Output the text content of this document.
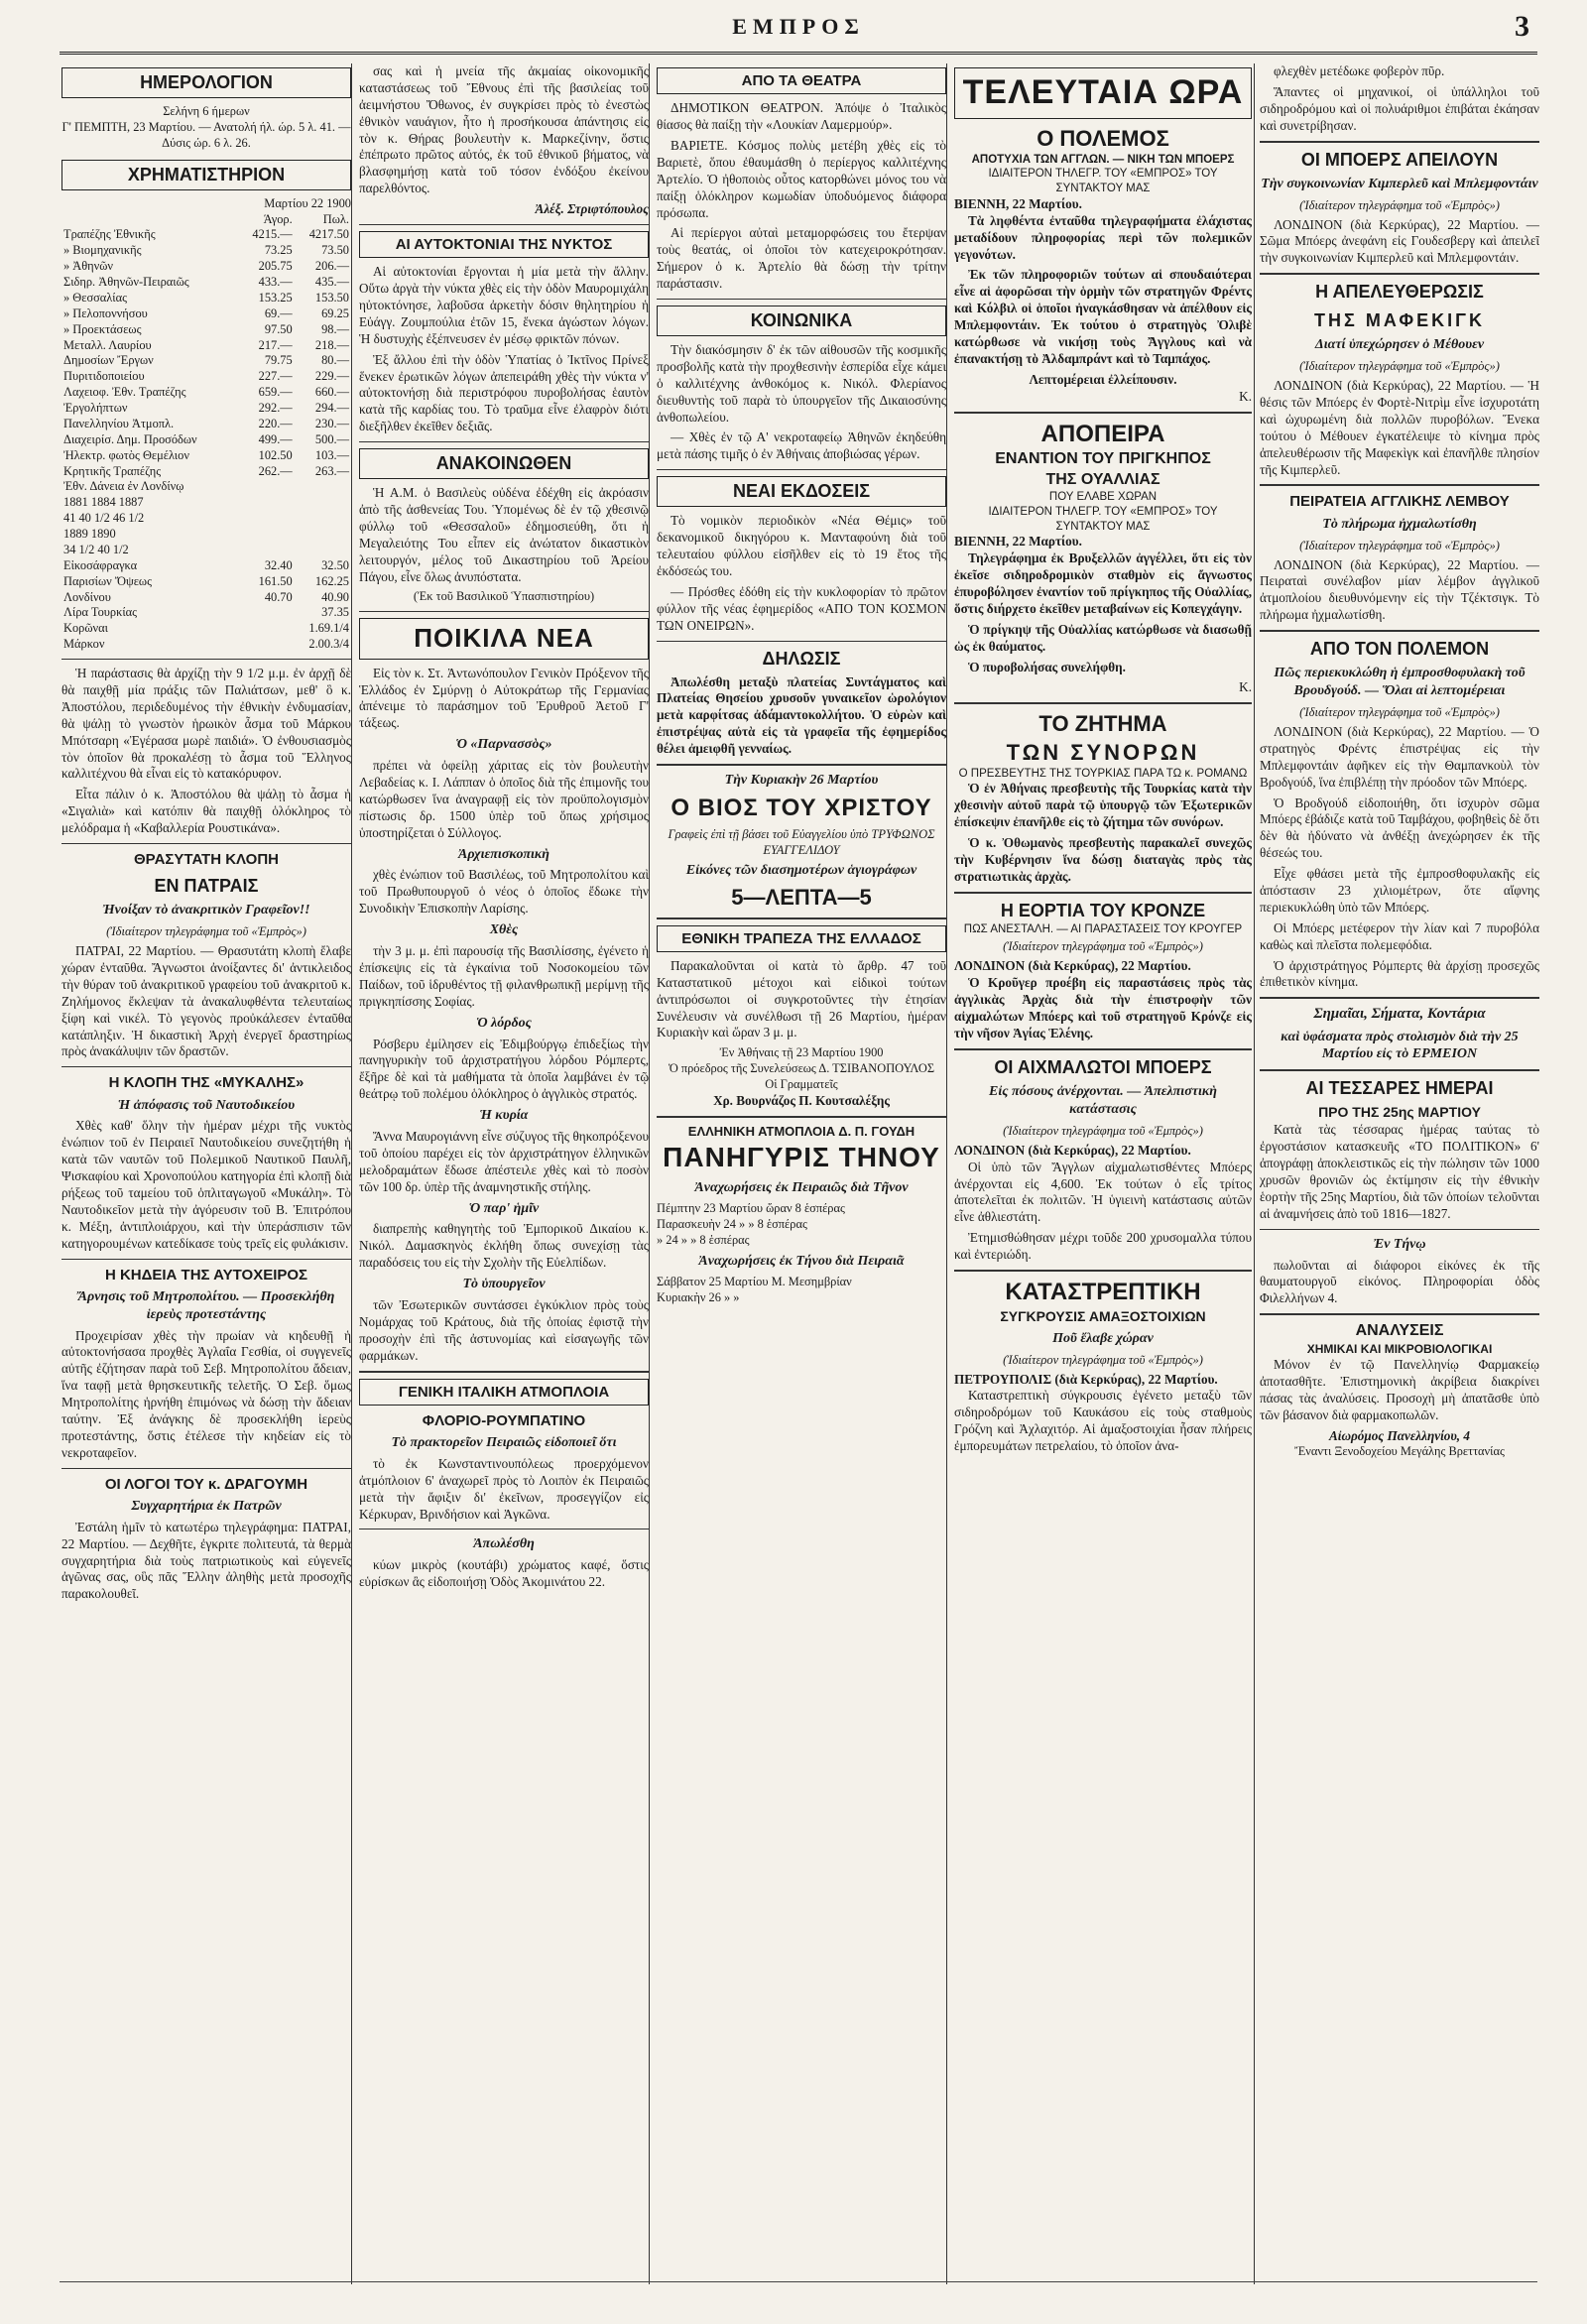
ΕΜΠΡΟΣ	3
ΗΜΕΡΟΛΟΓΙΟΝ
Σελήνη 6 ήμερων
Γ' ΠΕΜΠΤΗ, 23 Μαρτίου. — Ανατολή ήλ. ώρ. 5 λ. 41. — Δύσις ώρ. 6 λ. 26.
ΧΡΗΜΑΤΙΣΤΗΡΙΟΝ
Μαρτίου 22 1900
	Άγορ.	Πωλ.
Τραπέζης Ἐθνικῆς	4215.—	4217.50
» Βιομηχανικῆς	73.25	73.50
» Ἀθηνῶν	205.75	206.—
Σιδηρ. Ἀθηνῶν-Πειραιῶς	433.—	435.—
» Θεσσαλίας	153.25	153.50
» Πελοποννήσου	69.—	69.25
» Προεκτάσεως	97.50	98.—
Μεταλλ. Λαυρίου	217.—	218.—
Δημοσίων Ἔργων	79.75	80.—
Πυριτιδοποιείου	227.—	229.—
Λαχειοφ. Ἐθν. Τραπέζης	659.—	660.—
Ἐργολήπτων	292.—	294.—
Πανελληνίου Ἀτμοπλ.	220.—	230.—
Διαχειρίσ. Δημ. Προσόδων	499.—	500.—
Ἠλεκτρ. φωτὸς Θεμέλιον	102.50	103.—
Κρητικῆς Τραπέζης	262.—	263.—
Ἐθν. Δάνεια ἐν Λονδίνῳ		
1881 1884 1887		
41 40 1/2 46 1/2		
1889 1890		
34 1/2 40 1/2		
Εἰκοσάφραγκα	32.40	32.50
Παρισίων Ὄψεως	161.50	162.25
Λονδίνου	40.70	40.90
Λίρα Τουρκίας		37.35
Κορῶναι		1.69.1/4
Μάρκον		2.00.3/4

Ἡ παράστασις θὰ ἀρχίζῃ τὴν 9 1/2 μ.μ. ἐν ἀρχῇ δὲ θὰ παιχθῇ μία πράξις τῶν Παλιάτσων, μεθ' ὃ κ. Ἀποστόλου, περιδεδυμένος τὴν ἐθνικὴν ἐνδυμασίαν, θὰ ψάλῃ τὸ γνωστὸν ἡρωικὸν ἆσμα τοῦ Μάρκου Μπότσαρη «Ἐγέρασα μωρὲ παιδιά». Ὁ ἐνθουσιασμὸς τὸν ὁποῖον θὰ προκαλέσῃ τὸ ἆσμα τοῦ Ἕλληνος καλλιτέχνου θὰ εἶναι εἰς τὸ κατακόρυφον.

Εἶτα πάλιν ὁ κ. Ἀποστόλου θὰ ψάλῃ τὸ ἆσμα ἡ «Σιγαλιὰ» καὶ κατόπιν θὰ παιχθῇ ὁλόκληρος τὸ μελόδραμα ἡ «Καβαλλερία Ρουστικάνα».

ΘΡΑΣΥΤΑΤΗ ΚΛΟΠΗ
ΕΝ ΠΑΤΡΑΙΣ
Ἠνοίξαν τὸ ἀνακριτικὸν Γραφεῖον!!
(Ἰδιαίτερον τηλεγράφημα τοῦ «Ἐμπρὸς»)

ΠΑΤΡΑΙ, 22 Μαρτίου. — Θρασυτάτη κλοπὴ ἔλαβε χώραν ἐνταῦθα. Ἄγνωστοι ἀνοίξαντες δι' ἀντικλειδος τὴν θύραν τοῦ ἀνακριτικοῦ γραφείου τοῦ ἀνακριτοῦ κ. Ζηλήμονος ἔκλεψαν τὰ ἀνακαλυφθέντα τελευταίως ξίφη καὶ νικέλ. Τὸ γεγονὸς προὐκάλεσεν ἐνταῦθα κατάπληξιν. Ἡ δικαστικὴ Ἀρχὴ ἐνεργεῖ δραστηρίως πρὸς ἀνακάλυψιν τῶν δραστῶν.

Η ΚΛΟΠΗ ΤΗΣ «ΜΥΚΑΛΗΣ»
Ἡ ἀπόφασις τοῦ Ναυτοδικείου

Χθὲς καθ' ὅλην τὴν ἡμέραν μέχρι τῆς νυκτὸς ἐνώπιον τοῦ ἐν Πειραιεῖ Ναυτοδικείου συνεζητήθη ἡ κατὰ τῶν ναυτῶν τοῦ Πολεμικοῦ Ναυτικοῦ Παυλῆ, Ψισκαφίου καὶ Χρονοπούλου κατηγορία ἐπὶ κλοπῇ διὰ ρήξεως τοῦ ταμείου τοῦ ὁπλιταγωγοῦ «Μυκάλη». Τὸ Ναυτοδικεῖον μετὰ τὴν ἀγόρευσιν τοῦ Β. Ἐπιτρόπου κ. Μέξη, ἀντιπλοιάρχου, καὶ τὴν ὑπεράσπισιν τῶν κατηγορουμένων κατεδίκασε τοὺς τρεῖς εἰς φυλάκισιν.

Η ΚΗΔΕΙΑ ΤΗΣ ΑΥΤΟΧΕΙΡΟΣ
Ἄρνησις τοῦ Μητροπολίτου. — Προσεκλήθη ἱερεὺς προτεστάντης

Προχειρίσαν χθὲς τὴν πρωίαν νὰ κηδευθῇ ἡ αὐτοκτονήσασα προχθὲς Ἀγλαΐα Γεσθία, οἱ συγγενεῖς αὐτῆς ἐζήτησαν παρὰ τοῦ Σεβ. Μητροπολίτου ἄδειαν, ἵνα ταφῇ μετὰ θρησκευτικῆς τελετῆς. Ὁ Σεβ. ὅμως Μητροπολίτης ἠρνήθη ἐπιμόνως νὰ δώσῃ τὴν ἄδειαν ταύτην. Ἐξ ἀνάγκης δὲ προσεκλήθη ἱερεὺς προτεστάντης, ὅστις ἐτέλεσε τὴν κηδείαν εἰς τὸ νεκροταφεῖον.

ΟΙ ΛΟΓΟΙ ΤΟΥ κ. ΔΡΑΓΟΥΜΗ
Συγχαρητήρια ἐκ Πατρῶν

Ἐστάλη ἡμῖν τὸ κατωτέρω τηλεγράφημα: ΠΑΤΡΑΙ, 22 Μαρτίου. — Δεχθῆτε, ἐγκριτε πολιτευτά, τὰ θερμὰ συγχαρητήρια διὰ τοὺς πατριωτικοὺς καὶ εὐγενεῖς ἀγῶνας σας, οὓς πᾶς Ἕλλην ἀληθὴς μετὰ προσοχῆς παρακολουθεῖ.

σας καὶ ἡ μνεία τῆς ἀκμαίας οἰκονομικῆς καταστάσεως τοῦ Ἔθνους ἐπὶ τῆς βασιλείας τοῦ ἀειμνήστου Ὄθωνος, ἐν συγκρίσει πρὸς τὸ ἐνεστὼς ἐθνικὸν ναυάγιον, ἦτο ἡ προσήκουσα ἀπάντησις εἰς τὸν κ. Θήρας βουλευτὴν κ. Μαρκεζίνην, ὅστις ἐπέπρωτο πρῶτος αὐτός, ἐκ τοῦ ἐθνικοῦ βήματος, νὰ βλασφημήσῃ κατὰ τοῦ τόσον ἐνδόξου ἐκείνου παρελθόντος.

Ἀλέξ. Στριφτόπουλος
ΑΙ ΑΥΤΟΚΤΟΝΙΑΙ ΤΗΣ ΝΥΚΤΟΣ

Αἱ αὐτοκτονίαι ἔργονται ἡ μία μετὰ τὴν ἄλλην. Οὕτω ἀργὰ τὴν νύκτα χθὲς εἰς τὴν ὁδὸν Μαυρομιχάλη ηὐτοκτόνησε, λαβοῦσα ἀρκετὴν δόσιν θηλητηρίου ἡ Εὐάγγ. Ζουμπούλια ἐτῶν 15, ἕνεκα ἀγώστων λόγων. Ἡ δυστυχὴς ἐξέπνευσεν ἐν μέσῳ φρικτῶν πόνων.

Ἐξ ἄλλου ἐπὶ τὴν ὁδὸν Ὑπατίας ὁ Ἰκτῖνος Πρίνεξ ἕνεκεν ἐρωτικῶν λόγων ἀπεπειράθη χθὲς τὴν νύκτα ν' αὐτοκτονήσῃ διὰ περιστρόφου πυροβολήσας ἑαυτὸν κατὰ τῆς καρδίας του. Τὸ τραῦμα εἶνε ἐλαφρὸν διότι διεξῆλθεν ἐκεῖθεν δεξιᾶς.

ΑΝΑΚΟΙΝΩΘΕΝ

Ἡ Α.Μ. ὁ Βασιλεὺς οὐδένα ἐδέχθη εἰς ἀκρόασιν ἀπὸ τῆς ἀσθενείας Του. Ὑπομένως δὲ ἐν τῷ χθεσινῷ φύλλῳ τοῦ «Θεσσαλοῦ» ἐδημοσιεύθη, ὅτι ἡ Μεγαλειότης Του εἶπεν εἰς ἀνώτατον δικαστικὸν λειτουργόν, μέλος τοῦ Δικαστηρίου τοῦ Ἀρείου Πάγου, εἶνε ὅλως ἀνυπόστατα.

(Ἐκ τοῦ Βασιλικοῦ Ὑπασπιστηρίου)
ΠΟΙΚΙΛΑ ΝΕΑ

Εἰς τὸν κ. Στ. Ἀντωνόπουλον Γενικὸν Πρόξενον τῆς Ἑλλάδος ἐν Σμύρνῃ ὁ Αὐτοκράτωρ τῆς Γερμανίας ἀπένειμε τὸ παράσημον τοῦ Ἐρυθροῦ Ἀετοῦ Γ' τάξεως.

Ὁ «Παρνασσὸς»

πρέπει νὰ ὀφείλῃ χάριτας εἰς τὸν βουλευτὴν Λεβαδείας κ. Ι. Λάππαν ὁ ὁποῖος διὰ τῆς ἐπιμονῆς του κατώρθωσεν ἵνα ἀναγραφῇ εἰς τὸν προϋπολογισμὸν πίστωσις δρ. 1500 ὑπὲρ τοῦ ὅπως χρήσιμος ὑποστηρίζεται ὁ Σύλλογος.

Ἀρχιεπισκοπικὴ

χθὲς ἐνώπιον τοῦ Βασιλέως, τοῦ Μητροπολίτου καὶ τοῦ Πρωθυπουργοῦ ὁ νέος ὁ ὁποῖος ἔδωκε τὴν Συνοδικὴν Ἐπισκοπὴν Λαρίσης.

Χθὲς

τὴν 3 μ. μ. ἐπὶ παρουσίᾳ τῆς Βασιλίσσης, ἐγένετο ἡ ἐπίσκεψις εἰς τὰ ἐγκαίνια τοῦ Νοσοκομείου τῶν Παίδων, τοῦ ἱδρυθέντος τῇ φιλανθρωπικῇ μερίμνῃ τῆς πριγκηπίσσης Σοφίας.

Ὁ λόρδος

Ρόσβερυ ἐμίλησεν εἰς Ἐδιμβούργῳ ἐπιδεξίως τὴν πανηγυρικὴν τοῦ ἀρχιστρατήγου λόρδου Ρόμπερτς, ἔξῆρε δὲ καὶ τὰ μαθήματα τὰ ὁποῖα λαμβάνει ἐν τῷ θεάτρῳ τοῦ πολέμου ὁλόκληρος ὁ ἀγγλικὸς στρατός.

Ἡ κυρία

Ἄννα Μαυρογιάννη εἶνε σύζυγος τῆς θηκοπρόξενου τοῦ ὁποίου παρέχει εἰς τὸν ἀρχιστράτηγον ἑλληνικῶν μελοδραμάτων ἔδωσε ἀπέστειλε χθὲς καὶ τὸ ποσὸν τῶν 100 δρ. ὑπὲρ τῆς ἀναμνηστικῆς στήλης.

Ὁ παρ' ἡμῖν

διαπρεπὴς καθηγητὴς τοῦ Ἐμπορικοῦ Δικαίου κ. Νικόλ. Δαμασκηνὸς ἐκλήθη ὅπως συνεχίσῃ τὰς παραδόσεις του εἰς τὴν Σχολὴν τῆς Εὐελπίδων.

Τὸ ὑπουργεῖον

τῶν Ἐσωτερικῶν συντάσσει ἐγκύκλιον πρὸς τοὺς Νομάρχας τοῦ Κράτους, διὰ τῆς ὁποίας ἐφιστᾷ τὴν προσοχὴν ἐπὶ τῆς ἀστυνομίας καὶ εἰσαγωγῆς τῶν φαρμάκων.

ΓΕΝΙΚΗ ΙΤΑΛΙΚΗ ΑΤΜΟΠΛΟΙΑ
ΦΛΟΡΙΟ-ΡΟΥΜΠΑΤΙΝΟ
Τὸ πρακτορεῖον Πειραιῶς εἰδοποιεῖ ὅτι

τὸ ἐκ Κωνσταντινουπόλεως προερχόμενον ἀτμόπλοιον 6' ἀναχωρεῖ πρὸς τὸ Λοιπὸν ἐκ Πειραιῶς μετὰ τὴν ἄφιξιν δι' ἐκεῖνων, προσεγγίζον εἰς Κέρκυραν, Βρινδήσιον καὶ Ἀγκῶνα.

Ἀπωλέσθη

κύων μικρὸς (κουτάβι) χρώματος καφέ, ὅστις εὑρίσκων ἂς εἰδοποιήσῃ Ὁδὸς Ἀκομινάτου 22.

ΑΠΟ ΤΑ ΘΕΑΤΡΑ

ΔΗΜΟΤΙΚΟΝ ΘΕΑΤΡΟΝ. Ἀπόψε ὁ Ἰταλικὸς θίασος θὰ παίξῃ τὴν «Λουκίαν Λαμερμούρ».

ΒΑΡΙΕΤΕ. Κόσμος πολὺς μετέβη χθὲς εἰς τὸ Βαριετὲ, ὅπου ἐθαυμάσθη ὁ περίεργος καλλιτέχνης Ἀρτελίο. Ὁ ἠθοποιὸς οὗτος κατορθώνει μόνος του νὰ παίξῃ ὁλόκληρον κωμωδίαν ὑποδυόμενος διάφορα πρόσωπα.

Αἱ περίεργοι αὐταὶ μεταμορφώσεις του ἔτερψαν τοὺς θεατάς, οἱ ὁποῖοι τὸν κατεχειροκρότησαν. Σήμερον ὁ κ. Ἀρτελίο θὰ δώσῃ τὴν τρίτην παράστασιν.

ΚΟΙΝΩΝΙΚΑ

Τὴν διακόσμησιν δ' ἐκ τῶν αἰθουσῶν τῆς κοσμικῆς προσβολῆς κατὰ τὴν προχθεσινὴν ἑσπερίδα εἶχε κάμει ὁ καλλιτέχνης ἀνθοκόμος κ. Νικόλ. Φλερίανος διευθυντὴς τοῦ παρὰ τὸ ὑπουργεῖον τῆς Δικαιοσύνης ἀνθοπωλείου.

— Χθὲς ἐν τῷ Α' νεκροταφείῳ Ἀθηνῶν ἐκηδεύθη μετὰ πάσης τιμῆς ὁ ἐν Ἀθήναις ἀποβιώσας γέρων.

ΝΕΑΙ ΕΚΔΟΣΕΙΣ

Τὸ νομικὸν περιοδικὸν «Νέα Θέμις» τοῦ δεκανομικοῦ δικηγόρου κ. Μανταφούνη διὰ τοῦ τελευταίου φύλλου εἰσῆλθεν εἰς τὸ 19 ἔτος τῆς ἐκδόσεώς του.

— Πρόσθες ἐδόθη εἰς τὴν κυκλοφορίαν τὸ πρῶτον φύλλον τῆς νέας ἐφημερίδος «ΑΠΟ ΤΟΝ ΚΟΣΜΟΝ ΤΩΝ ΟΝΕΙΡΩΝ».

ΔΗΛΩΣΙΣ

Ἀπωλέσθη μεταξὺ πλατείας Συντάγματος καὶ Πλατείας Θησείου χρυσοῦν γυναικεῖον ὡρολόγιον μετὰ καρφίτσας ἀδάμαντοκολλήτου. Ὁ εὑρὼν καὶ ἐπιστρέψας αὐτὰ εἰς τὰ γραφεῖα τῆς ἐφημερίδος θέλει ἀμειφθῆ γενναίως.

Τὴν Κυριακὴν 26 Μαρτίου
Ο ΒΙΟΣ ΤΟΥ ΧΡΙΣΤΟΥ
Γραφεὶς ἐπὶ τῇ βάσει τοῦ Εὐαγγελίου ὑπὸ ΤΡΥΦΩΝΟΣ ΕΥΑΓΓΕΛΙΔΟΥ
Εἰκόνες τῶν διασημοτέρων ἁγιογράφων
5—ΛΕΠΤΑ—5
ΕΘΝΙΚΗ ΤΡΑΠΕΖΑ ΤΗΣ ΕΛΛΑΔΟΣ

Παρακαλοῦνται οἱ κατὰ τὸ ἄρθρ. 47 τοῦ Καταστατικοῦ μέτοχοι καὶ εἰδικοὶ τούτων ἀντιπρόσωποι οἱ συγκροτοῦντες τὴν ἐτησίαν Συνέλευσιν νὰ συνέλθωσι τῇ 26 Μαρτίου, ἡμέραν Κυριακὴν καὶ ὥραν 3 μ. μ.

Ἐν Ἀθήναις τῇ 23 Μαρτίου 1900
Ὁ πρόεδρος τῆς Συνελεύσεως Δ. ΤΣΙΒΑΝΟΠΟΥΛΟΣ
Οἱ Γραμματεῖς
Χρ. Βουρνάζος Π. Κουτσαλέξης
ΕΛΛΗΝΙΚΗ ΑΤΜΟΠΛΟΙΑ Δ. Π. ΓΟΥΔΗ
ΠΑΝΗΓΥΡΙΣ ΤΗΝΟΥ
Ἀναχωρήσεις ἐκ Πειραιῶς διὰ Τῆνον
Πέμπτην 23 Μαρτίου ὥραν 8 ἑσπέρας
Παρασκευὴν 24 » » 8 ἑσπέρας
» 24 » » 8 ἑσπέρας
Ἀναχωρήσεις ἐκ Τήνου διὰ Πειραιᾶ
Σάββατον 25 Μαρτίου Μ. Μεσημβρίαν
Κυριακὴν 26 » »
ΤΕΛΕΥΤΑΙΑ ΩΡΑ
Ο ΠΟΛΕΜΟΣ
ΑΠΟΤΥΧΙΑ ΤΩΝ ΑΓΓΛΩΝ. — ΝΙΚΗ ΤΩΝ ΜΠΟΕΡΣ
ΙΔΙΑΙΤΕΡΟΝ ΤΗΛΕΓΡ. ΤΟΥ «ΕΜΠΡΟΣ» ΤΟΥ ΣΥΝΤΑΚΤΟΥ ΜΑΣ
ΒΙΕΝΝΗ, 22 Μαρτίου.

Τὰ ληφθέντα ἐνταῦθα τηλεγραφήματα ἐλάχιστας μεταδίδουν πληροφορίας περὶ τῶν πολεμικῶν γεγονότων.

Ἐκ τῶν πληροφοριῶν τούτων αἱ σπουδαιότεραι εἶνε αἱ ἀφορῶσαι τὴν ὁρμὴν τῶν στρατηγῶν Φρέντς καὶ Κόλβιλ οἱ ὁποῖοι ἠναγκάσθησαν νὰ ἀπέλθουν εἰς Μπλεμφοντάιν. Ἐκ τούτου ὁ στρατηγὸς Ὀλιβὲ κατώρθωσε νὰ νικήσῃ τοὺς Ἄγγλους καὶ νὰ ἐπανακτήσῃ τὸ Ἀλδαμπράντ καὶ τὸ Ταμπάχος.

Λεπτομέρειαι ἐλλείπουσιν.
Κ.
ΑΠΟΠΕΙΡΑ
ΕΝΑΝΤΙΟΝ ΤΟΥ ΠΡΙΓΚΗΠΟΣ
ΤΗΣ ΟΥΑΛΛΙΑΣ
ΠΟΥ ΕΛΑΒΕ ΧΩΡΑΝ
ΙΔΙΑΙΤΕΡΟΝ ΤΗΛΕΓΡ. ΤΟΥ «ΕΜΠΡΟΣ» ΤΟΥ ΣΥΝΤΑΚΤΟΥ ΜΑΣ
ΒΙΕΝΝΗ, 22 Μαρτίου.

Τηλεγράφημα ἐκ Βρυξελλῶν ἀγγέλλει, ὅτι εἰς τὸν ἐκεῖσε σιδηροδρομικὸν σταθμὸν εἰς ἄγνωστος ἐπυροβόλησεν ἐναντίον τοῦ πρίγκηπος τῆς Οὐαλλίας, ὅστις διήρχετο ἐκεῖθεν μεταβαίνων εἰς Κοπεγχάγην.

Ὁ πρίγκηψ τῆς Οὐαλλίας κατώρθωσε νὰ διασωθῇ ὡς ἐκ θαύματος.

Ὁ πυροβολήσας συνελήφθη.

Κ.
ΤΟ ΖΗΤΗΜΑ
ΤΩΝ ΣΥΝΟΡΩΝ
Ο ΠΡΕΣΒΕΥΤΗΣ ΤΗΣ ΤΟΥΡΚΙΑΣ ΠΑΡΑ ΤΩ κ. ΡΟΜΑΝΩ

Ὁ ἐν Ἀθήναις πρεσβευτὴς τῆς Τουρκίας κατὰ τὴν χθεσινὴν αὐτοῦ παρὰ τῷ ὑπουργῷ τῶν Ἐξωτερικῶν ἐπίσκεψιν ἐπανῆλθε εἰς τὸ ζήτημα τῶν συνόρων.

Ὁ κ. Ὀθωμανὸς πρεσβευτὴς παρακαλεῖ συνεχῶς τὴν Κυβέρνησιν ἵνα δώσῃ διαταγὰς πρὸς τὰς στρατιωτικὰς ἀρχὰς.

Η ΕΟΡΤΙΑ ΤΟΥ ΚΡΟΝΖΕ
ΠΩΣ ΑΝΕΣΤΑΛΗ. — ΑΙ ΠΑΡΑΣΤΑΣΕΙΣ ΤΟΥ ΚΡΟΥΓΕΡ
(Ἰδιαίτερον τηλεγράφημα τοῦ «Ἐμπρὸς»)
ΛΟΝΔΙΝΟΝ (διὰ Κερκύρας), 22 Μαρτίου.

Ὁ Κροῦγερ προέβη εἰς παραστάσεις πρὸς τὰς ἀγγλικὰς Ἀρχὰς διὰ τὴν ἐπιστροφὴν τῶν αἰχμαλώτων Μπόερς καὶ τοῦ στρατηγοῦ Κρόνζε εἰς τὴν νῆσον Ἁγίας Ἑλένης.

ΟΙ ΑΙΧΜΑΛΩΤΟΙ ΜΠΟΕΡΣ
Εἰς πόσους ἀνέρχονται. — Ἀπελπιστικὴ κατάστασις
(Ἰδιαίτερον τηλεγράφημα τοῦ «Ἐμπρὸς»)
ΛΟΝΔΙΝΟΝ (διὰ Κερκύρας), 22 Μαρτίου.

Οἱ ὑπὸ τῶν Ἄγγλων αἰχμαλωτισθέντες Μπόερς ἀνέρχονται εἰς 4,600. Ἐκ τούτων ὁ εἷς τρίτος ἀποτελεῖται ἐκ πολιτῶν. Ἡ ὑγιεινὴ κατάστασις αὐτῶν εἶνε ἀθλιεστάτη.

Ἐτημισθώθησαν μέχρι τοῦδε 200 χρυσομαλλα τύπου καὶ ἐντεριώδη.

ΚΑΤΑΣΤΡΕΠΤΙΚΗ
ΣΥΓΚΡΟΥΣΙΣ ΑΜΑΞΟΣΤΟΙΧΙΩΝ
Ποῦ ἔλαβε χώραν
(Ἰδιαίτερον τηλεγράφημα τοῦ «Ἐμπρὸς»)
ΠΕΤΡΟΥΠΟΛΙΣ (διὰ Κερκύρας), 22 Μαρτίου.

Καταστρεπτικὴ σύγκρουσις ἐγένετο μεταξὺ τῶν σιδηροδρόμων τοῦ Καυκάσου εἰς τοὺς σταθμοὺς Γρόζνη καὶ Ἀχλαχιτόρ. Αἱ ἁμαξοστοιχίαι ἦσαν πλήρεις ἐμπορευμάτων πετρελαίου, τὸ ὁποῖον ἀνα-

φλεχθὲν μετέδωκε φοβερὸν πῦρ.

Ἅπαντες οἱ μηχανικοί, οἱ ὑπάλληλοι τοῦ σιδηροδρόμου καὶ οἱ πολυάριθμοι ἐπιβάται ἐκάησαν καὶ συνετρίβησαν.

ΟΙ ΜΠΟΕΡΣ ΑΠΕΙΛΟΥΝ
Τὴν συγκοινωνίαν Κιμπερλεῦ καὶ Μπλεμφοντάιν
(Ἰδιαίτερον τηλεγράφημα τοῦ «Ἐμπρὸς»)

ΛΟΝΔΙΝΟΝ (διὰ Κερκύρας), 22 Μαρτίου. — Σῶμα Μπόερς ἀνεφάνη εἰς Γουδεσβεργ καὶ ἀπειλεῖ τὴν συγκοινωνίαν Κιμπερλεῦ καὶ Μπλεμφοντάιν.

Η ΑΠΕΛΕΥΘΕΡΩΣΙΣ
ΤΗΣ ΜΑΦΕΚΙΓΚ
Διατί ὑπεχώρησεν ὁ Μέθουεν
(Ἰδιαίτερον τηλεγράφημα τοῦ «Ἐμπρὸς»)

ΛΟΝΔΙΝΟΝ (διὰ Κερκύρας), 22 Μαρτίου. — Ἡ θέσις τῶν Μπόερς ἐν Φορτὲ-Νιτρὶμ εἶνε ἰσχυροτάτη καὶ ὠχυρωμένη διὰ πολλῶν πυροβόλων. Ἕνεκα τούτου ὁ Μέθουεν ἐγκατέλειψε τὸ κίνημα πρὸς ἀπελευθέρωσιν τῆς Μαφεκὶγκ καὶ ἐπανῆλθε πλησίον τῆς Κιμπερλεῦ.

ΠΕΙΡΑΤΕΙΑ ΑΓΓΛΙΚΗΣ ΛΕΜΒΟΥ
Τὸ πλήρωμα ἠχμαλωτίσθη
(Ἰδιαίτερον τηλεγράφημα τοῦ «Ἐμπρὸς»)

ΛΟΝΔΙΝΟΝ (διὰ Κερκύρας), 22 Μαρτίου. — Πειραταὶ συνέλαβον μίαν λέμβον ἀγγλικοῦ ἀτμοπλοίου διευθυνόμενην εἰς τὴν Τζέκτσιγκ. Τὸ πλήρωμα ἠχμαλωτίσθη.

ΑΠΟ ΤΟΝ ΠΟΛΕΜΟΝ
Πῶς περιεκυκλώθη ἡ ἐμπροσθοφυλακὴ τοῦ Βρουδγούδ. — Ὅλαι αἱ λεπτομέρειαι
(Ἰδιαίτερον τηλεγράφημα τοῦ «Ἐμπρὸς»)

ΛΟΝΔΙΝΟΝ (διὰ Κερκύρας), 22 Μαρτίου. — Ὁ στρατηγὸς Φρέντς ἐπιστρέψας εἰς τὴν Μπλεμφοντάιν ἀφῆκεν εἰς τὴν Θαμπανκοὺλ τὸν Βροδγούδ, ἵνα ἐπιβλέπῃ τὴν πρόοδον τῶν Μπόερς.

Ὁ Βροδγούδ εἰδοποιήθη, ὅτι ἰσχυρὸν σῶμα Μπόερς ἐβάδιζε κατὰ τοῦ Ταμβάχου, φοβηθεὶς δὲ ὅτι δὲν θὰ ἠδύνατο νὰ ἀνθέξῃ ἀνεχώρησεν ἐκ τῆς θέσεώς του.

Εἶχε φθάσει μετὰ τῆς ἐμπροσθοφυλακῆς εἰς ἀπόστασιν 23 χιλιομέτρων, ὅτε αἴφνης περιεκυκλώθη ὑπὸ τῶν Μπόερς.

Οἱ Μπόερς μετέφερον τὴν λίαν καὶ 7 πυροβόλα καθὼς καὶ πλεῖστα πολεμεφόδια.

Ὁ ἀρχιστράτηγος Ρόμπερτς θὰ ἀρχίσῃ προσεχῶς ἐπιθετικὸν κίνημα.

Σημαῖαι, Σήματα, Κοντάρια
καὶ ὑφάσματα πρὸς στολισμὸν διὰ τὴν 25 Μαρτίου εἰς τὸ ΕΡΜΕΙΟΝ
ΑΙ ΤΕΣΣΑΡΕΣ ΗΜΕΡΑΙ
ΠΡΟ ΤΗΣ 25ης ΜΑΡΤΙΟΥ

Κατὰ τὰς τέσσαρας ἡμέρας ταύτας τὸ ἐργοστάσιον κατασκευῆς «ΤΟ ΠΟΛΙΤΙΚΟΝ» 6' ἀπογράφῃ ἀποκλειστικῶς εἰς τὴν πώλησιν τῶν 1000 χρυσῶν θρονιῶν ὡς ἐκτίμησιν εἰς τὴν ἐθνικὴν ἑορτὴν τῆς 25ης Μαρτίου, διὰ τῶν ὁποίων τελοῦνται αἱ ἀναμνήσεις ἀπὸ τοῦ 1816—1827.

Ἐν Τήνῳ

πωλοῦνται αἱ διάφοροι εἰκόνες ἐκ τῆς θαυματουργοῦ εἰκόνος. Πληροφορίαι ὁδὸς Φιλελλήνων 4.

ΑΝΑΛΥΣΕΙΣ
ΧΗΜΙΚΑΙ ΚΑΙ ΜΙΚΡΟΒΙΟΛΟΓΙΚΑΙ

Μόνον ἐν τῷ Πανελληνίῳ Φαρμακείῳ ἀποτασθῆτε. Ἐπιστημονικὴ ἀκρίβεια διακρίνει πάσας τὰς ἀναλύσεις. Προσοχὴ μὴ ἀπατᾶσθε ὑπὸ τῶν βάσανον διὰ φαρμακοπωλῶν.

Αἰωρόμος Πανελληνίου, 4
Ἔναντι Ξενοδοχείου Μεγάλης Βρεττανίας
